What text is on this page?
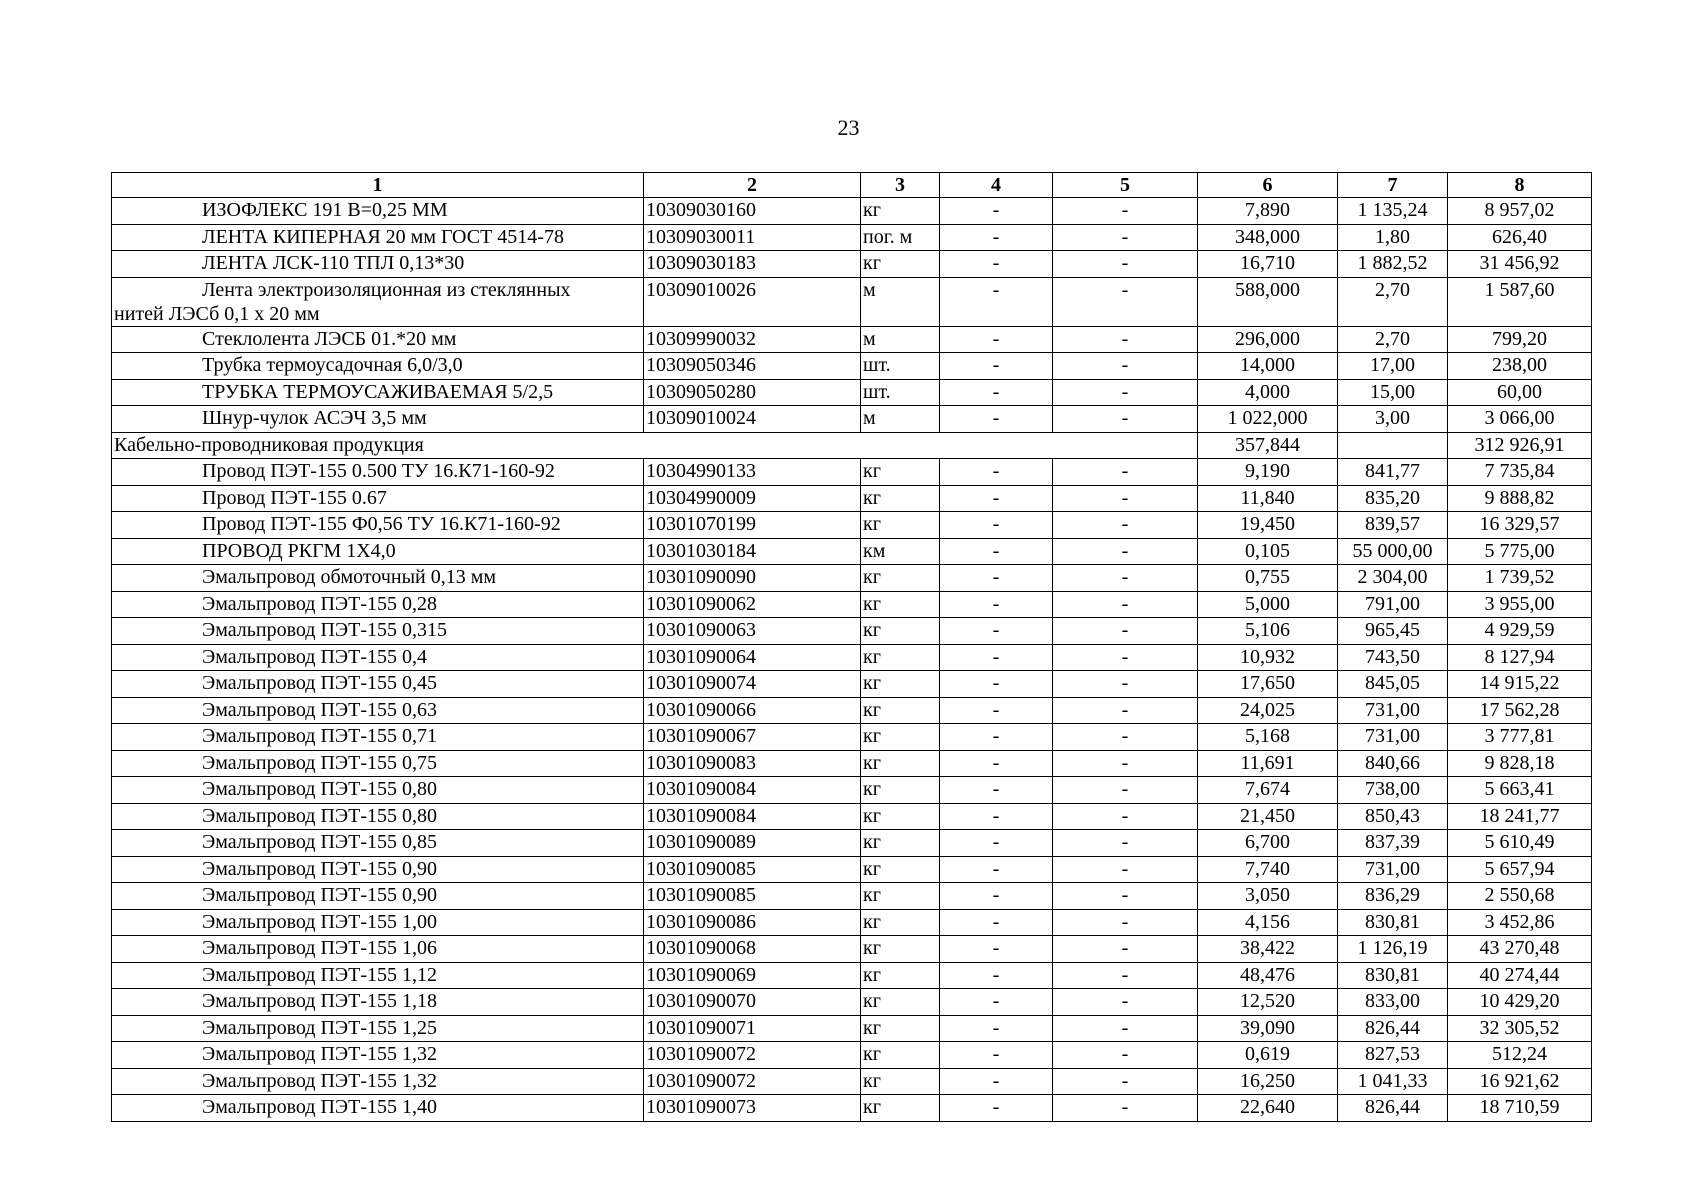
23
1	2	3	4	5	6	7	8
ИЗОФЛЕКС 191 В=0,25 ММ	10309030160	кг	-	-	7,890	1 135,24	8 957,02
ЛЕНТА КИПЕРНАЯ 20 мм ГОСТ 4514-78	10309030011	пог. м	-	-	348,000	1,80	626,40
ЛЕНТА ЛСК-110 ТПЛ 0,13*30	10309030183	кг	-	-	16,710	1 882,52	31 456,92

Лента электроизоляционная из стеклянных
нитей ЛЭСб 0,1 х 20 мм	10309010026	м	-	-	588,000	2,70	1 587,60
Стеклолента ЛЭСБ 01.*20 мм	10309990032	м	-	-	296,000	2,70	799,20
Трубка термоусадочная 6,0/3,0	10309050346	шт.	-	-	14,000	17,00	238,00
ТРУБКА ТЕРМОУСАЖИВАЕМАЯ 5/2,5	10309050280	шт.	-	-	4,000	15,00	60,00
Шнур-чулок АСЭЧ 3,5 мм	10309010024	м	-	-	1 022,000	3,00	3 066,00
Кабельно-проводниковая продукция					357,844		312 926,91
Провод ПЭТ-155 0.500 ТУ 16.К71-160-92	10304990133	кг	-	-	9,190	841,77	7 735,84
Провод ПЭТ-155 0.67	10304990009	кг	-	-	11,840	835,20	9 888,82
Провод ПЭТ-155 Ф0,56 ТУ 16.К71-160-92	10301070199	кг	-	-	19,450	839,57	16 329,57
ПРОВОД РКГМ 1Х4,0	10301030184	км	-	-	0,105	55 000,00	5 775,00
Эмальпровод обмоточный 0,13 мм	10301090090	кг	-	-	0,755	2 304,00	1 739,52
Эмальпровод ПЭТ-155 0,28	10301090062	кг	-	-	5,000	791,00	3 955,00
Эмальпровод ПЭТ-155 0,315	10301090063	кг	-	-	5,106	965,45	4 929,59
Эмальпровод ПЭТ-155 0,4	10301090064	кг	-	-	10,932	743,50	8 127,94
Эмальпровод ПЭТ-155 0,45	10301090074	кг	-	-	17,650	845,05	14 915,22
Эмальпровод ПЭТ-155 0,63	10301090066	кг	-	-	24,025	731,00	17 562,28
Эмальпровод ПЭТ-155 0,71	10301090067	кг	-	-	5,168	731,00	3 777,81
Эмальпровод ПЭТ-155 0,75	10301090083	кг	-	-	11,691	840,66	9 828,18
Эмальпровод ПЭТ-155 0,80	10301090084	кг	-	-	7,674	738,00	5 663,41
Эмальпровод ПЭТ-155 0,80	10301090084	кг	-	-	21,450	850,43	18 241,77
Эмальпровод ПЭТ-155 0,85	10301090089	кг	-	-	6,700	837,39	5 610,49
Эмальпровод ПЭТ-155 0,90	10301090085	кг	-	-	7,740	731,00	5 657,94
Эмальпровод ПЭТ-155 0,90	10301090085	кг	-	-	3,050	836,29	2 550,68
Эмальпровод ПЭТ-155 1,00	10301090086	кг	-	-	4,156	830,81	3 452,86
Эмальпровод ПЭТ-155 1,06	10301090068	кг	-	-	38,422	1 126,19	43 270,48
Эмальпровод ПЭТ-155 1,12	10301090069	кг	-	-	48,476	830,81	40 274,44
Эмальпровод ПЭТ-155 1,18	10301090070	кг	-	-	12,520	833,00	10 429,20
Эмальпровод ПЭТ-155 1,25	10301090071	кг	-	-	39,090	826,44	32 305,52
Эмальпровод ПЭТ-155 1,32	10301090072	кг	-	-	0,619	827,53	512,24
Эмальпровод ПЭТ-155 1,32	10301090072	кг	-	-	16,250	1 041,33	16 921,62
Эмальпровод ПЭТ-155 1,40	10301090073	кг	-	-	22,640	826,44	18 710,59
